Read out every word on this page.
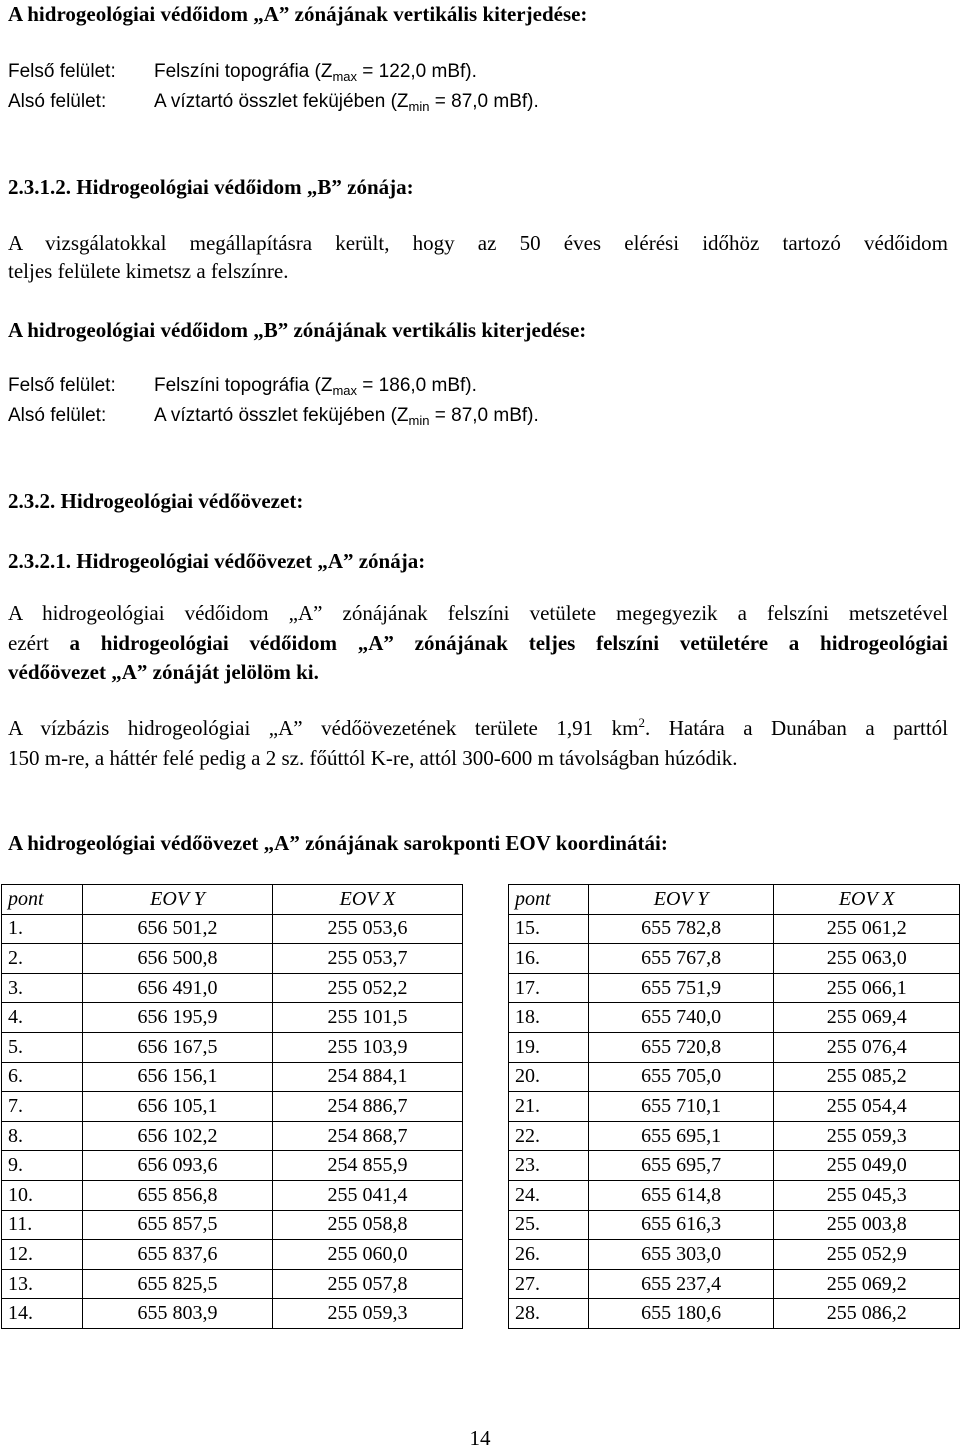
A hidrogeológiai védőidom „A” zónájának vertikális kiterjedése:
Felső felület: Felszíni topográfia ($Z_{max} = 122,0$ mBf).
Alsó felület:	A víztartó összlet feküjében ($Z_{min} = 87,0$ mBf).
2.3.1.2. Hidrogeológiai védőidom „B” zónája:
A vizsgálatokkal megállapításra került, hogy az 50 éves elérési időhöz tartozó védőidom
teljes felülete kimetsz a felszínre.
A hidrogeológiai védőidom „B” zónájának vertikális kiterjedése:
Felső felület: Felszíni topográfia ($Z_{max} = 186,0$ mBf).
Alsó felület:	A víztartó összlet feküjében ($Z_{min} = 87,0$ mBf).
2.3.2. Hidrogeológiai védőövezet:
2.3.2.1. Hidrogeológiai védőövezet „A” zónája:
A hidrogeológiai védőidom „A” zónájának felszíni vetülete megegyezik a felszíni metszetével
ezért a hidrogeológiai védőidom „A” zónájának teljes felszíni vetületére a hidrogeológiai
védőövezet „A” zónáját jelölöm ki.
A vízbázis hidrogeológiai „A” védőövezetének területe 1,91 $km^2$. Határa a Dunában a parttól
150 m-re, a háttér felé pedig a 2 sz. főúttól K-re, attól 300-600 m távolságban húzódik.
A hidrogeológiai védőövezet „A” zónájának sarokponti EOV koordinátái:
pont	EOV Y	EOV X
1.	656 501,2	255 053,6
2.	656 500,8	255 053,7
3.	656 491,0	255 052,2
4.	656 195,9	255 101,5
5.	656 167,5	255 103,9
6.	656 156,1	254 884,1
7.	656 105,1	254 886,7
8.	656 102,2	254 868,7
9.	656 093,6	254 855,9
10.	655 856,8	255 041,4
11.	655 857,5	255 058,8
12.	655 837,6	255 060,0
13.	655 825,5	255 057,8
14.	655 803,9	255 059,3
pont	EOV Y	EOV X
15.	655 782,8	255 061,2
16.	655 767,8	255 063,0
17.	655 751,9	255 066,1
18.	655 740,0	255 069,4
19.	655 720,8	255 076,4
20.	655 705,0	255 085,2
21.	655 710,1	255 054,4
22.	655 695,1	255 059,3
23.	655 695,7	255 049,0
24.	655 614,8	255 045,3
25.	655 616,3	255 003,8
26.	655 303,0	255 052,9
27.	655 237,4	255 069,2
28.	655 180,6	255 086,2
14
